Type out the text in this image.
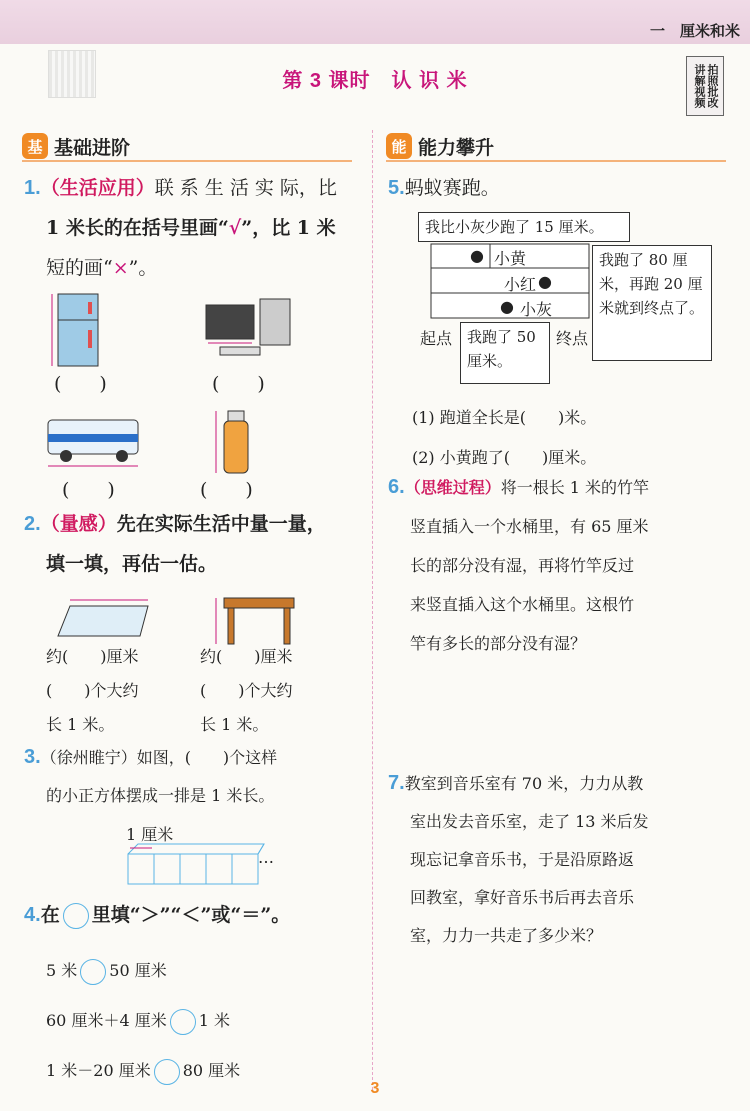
一　厘米和米
第 3 课时　认 识 米	讲解视频拍照批改
基 基础进阶	能 能力攀升
1.（生活应用）联 系 生 活 实 际，比
1 米长的在括号里画“√”，比 1 米
短的画“×”。
(　　)	(　　)
(　　)	(　　)
2.（量感）先在实际生活中量一量，
填一填，再估一估。
约(　　)厘米
(　　)个大约
长 1 米。
约(　　)厘米
(　　)个大约
长 1 米。
3.（徐州睢宁）如图，(　　)个这样
的小正方体摆成一排是 1 米长。
1 厘米
…
4.在 里填“＞”“＜”或“＝”。
5 米 50 厘米
60 厘米＋4 厘米 1 米
1 米－20 厘米 80 厘米
5.蚂蚁赛跑。
我比小灰少跑了 15 厘米。
● 小黄
小红 ●
● 小灰
我跑了 80 厘米，再跑 20 厘米就到终点了。
起点 我跑了 50 厘米。
终点
(1) 跑道全长是(　　)米。
(2) 小黄跑了(　　)厘米。
6.（思维过程）将一根长 1 米的竹竿
竖直插入一个水桶里，有 65 厘米
长的部分没有湿，再将竹竿反过
来竖直插入这个水桶里。这根竹
竿有多长的部分没有湿？
7.教室到音乐室有 70 米，力力从教
室出发去音乐室，走了 13 米后发
现忘记拿音乐书，于是沿原路返
回教室，拿好音乐书后再去音乐
室，力力一共走了多少米？
3
